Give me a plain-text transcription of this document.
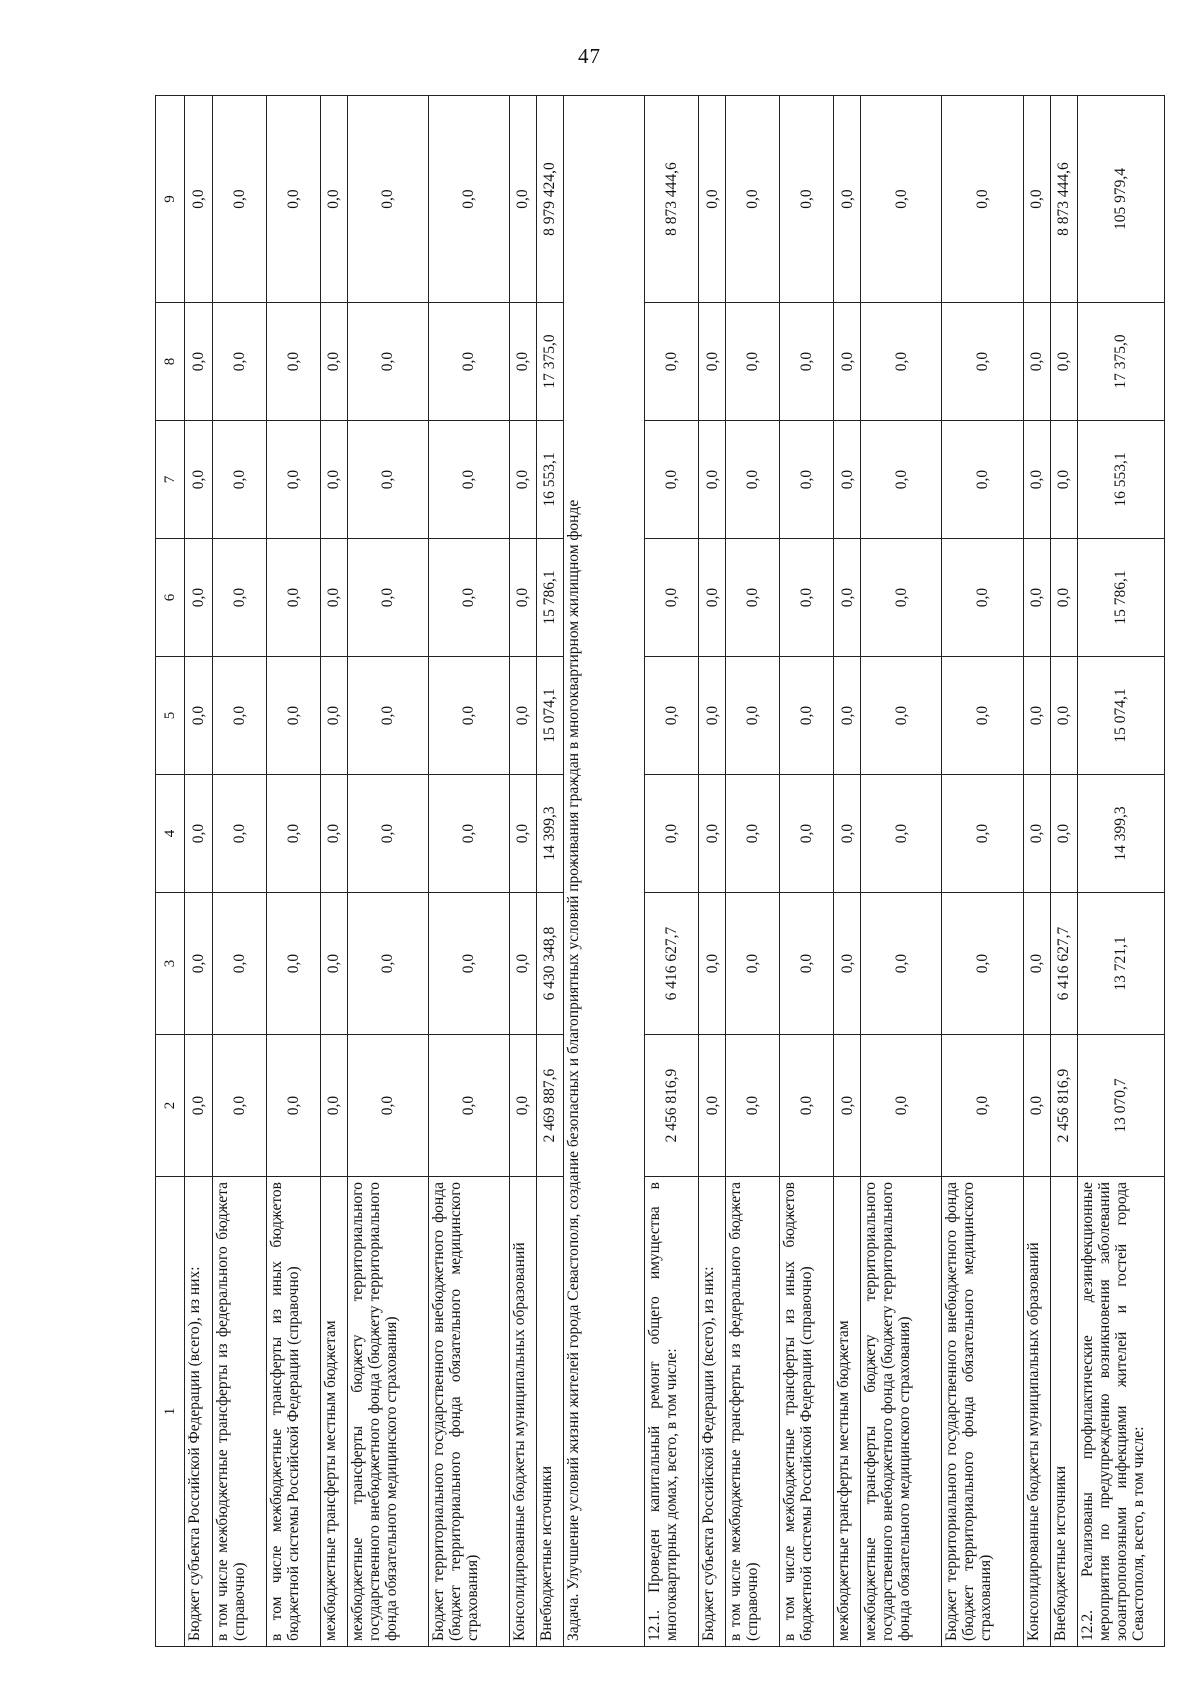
47
1	2	3	4	5	6	7	8	9
Бюджет субъекта Российской Федерации (всего), из них:	0,0	0,0	0,0	0,0	0,0	0,0	0,0	0,0
в том числе межбюджетные трансферты из федерального бюджета (справочно)	0,0	0,0	0,0	0,0	0,0	0,0	0,0	0,0
в том числе межбюджетные трансферты из иных бюджетов бюджетной системы Российской Федерации (справочно)	0,0	0,0	0,0	0,0	0,0	0,0	0,0	0,0
межбюджетные трансферты местным бюджетам	0,0	0,0	0,0	0,0	0,0	0,0	0,0	0,0
межбюджетные трансферты бюджету территориального государственного внебюджетного фонда (бюджету территориального фонда обязательного медицинского страхования)	0,0	0,0	0,0	0,0	0,0	0,0	0,0	0,0
Бюджет территориального государственного внебюджетного фонда (бюджет территориального фонда обязательного медицинского страхования)	0,0	0,0	0,0	0,0	0,0	0,0	0,0	0,0
Консолидированные бюджеты муниципальных образований	0,0	0,0	0,0	0,0	0,0	0,0	0,0	0,0
Внебюджетные источники	2 469 887,6	6 430 348,8	14 399,3	15 074,1	15 786,1	16 553,1	17 375,0	8 979 424,0
Задача. Улучшение условий жизни жителей города Севастополя, создание безопасных и благоприятных условий проживания граждан в многоквартирном жилищном фонде								
12.1. Проведен капитальный ремонт общего имущества в многоквартирных домах, всего, в том числе:	2 456 816,9	6 416 627,7	0,0	0,0	0,0	0,0	0,0	8 873 444,6
Бюджет субъекта Российской Федерации (всего), из них:	0,0	0,0	0,0	0,0	0,0	0,0	0,0	0,0
в том числе межбюджетные трансферты из федерального бюджета (справочно)	0,0	0,0	0,0	0,0	0,0	0,0	0,0	0,0
в том числе межбюджетные трансферты из иных бюджетов бюджетной системы Российской Федерации (справочно)	0,0	0,0	0,0	0,0	0,0	0,0	0,0	0,0
межбюджетные трансферты местным бюджетам	0,0	0,0	0,0	0,0	0,0	0,0	0,0	0,0
межбюджетные трансферты бюджету территориального государственного внебюджетного фонда (бюджету территориального фонда обязательного медицинского страхования)	0,0	0,0	0,0	0,0	0,0	0,0	0,0	0,0
Бюджет территориального государственного внебюджетного фонда (бюджет территориального фонда обязательного медицинского страхования)	0,0	0,0	0,0	0,0	0,0	0,0	0,0	0,0
Консолидированные бюджеты муниципальных образований	0,0	0,0	0,0	0,0	0,0	0,0	0,0	0,0
Внебюджетные источники	2 456 816,9	6 416 627,7	0,0	0,0	0,0	0,0	0,0	8 873 444,6
12.2. Реализованы профилактические дезинфекционные мероприятия по предупреждению возникновения заболеваний зооантропонозными инфекциями жителей и гостей города Севастополя, всего, в том числе:	13 070,7	13 721,1	14 399,3	15 074,1	15 786,1	16 553,1	17 375,0	105 979,4
